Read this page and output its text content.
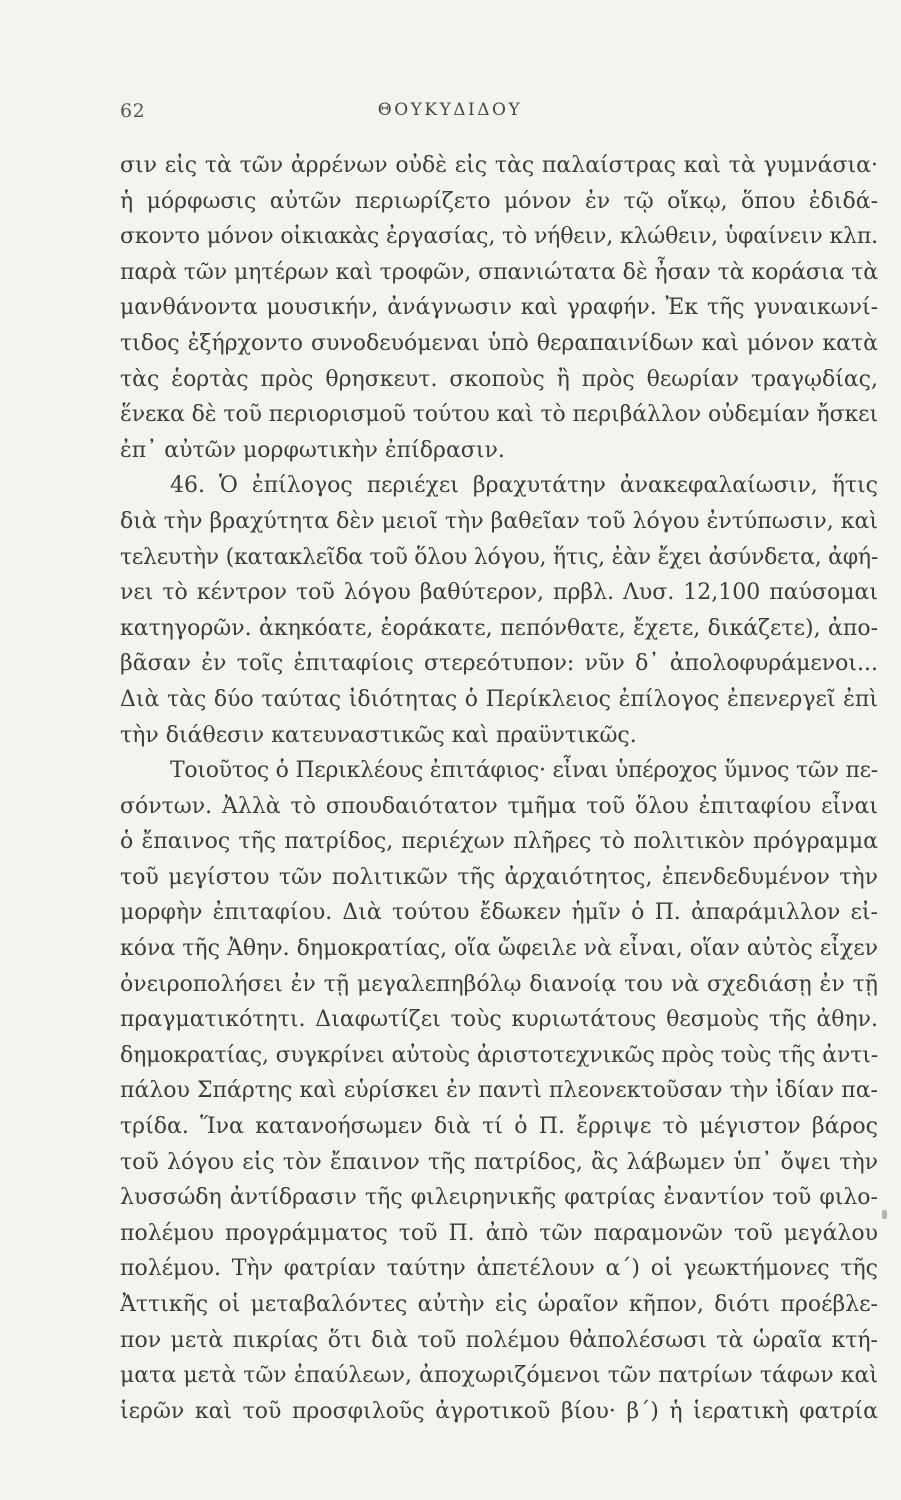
62	ΘΟΥΚΥΔΙΔΟΥ
σιν εἰς τὰ τῶν ἀρρένων οὐδὲ εἰς τὰς παλαίστρας καὶ τὰ γυμνάσια·
ἡ μόρφωσις αὐτῶν περιωρίζετο μόνον ἐν τῷ οἴκῳ, ὅπου ἐδιδά-
σκοντο μόνον οἰκιακὰς ἐργασίας, τὸ νήθειν, κλώθειν, ὑφαίνειν κλπ.
παρὰ τῶν μητέρων καὶ τροφῶν, σπανιώτατα δὲ ἦσαν τὰ κοράσια τὰ
μανθάνοντα μουσικήν, ἀνάγνωσιν καὶ γραφήν. Ἐκ τῆς γυναικωνί-
τιδος ἐξήρχοντο συνοδευόμεναι ὑπὸ θεραπαινίδων καὶ μόνον κατὰ
τὰς ἑορτὰς πρὸς θρησκευτ. σκοποὺς ἢ πρὸς θεωρίαν τραγῳδίας,
ἕνεκα δὲ τοῦ περιορισμοῦ τούτου καὶ τὸ περιβάλλον οὐδεμίαν ἤσκει
ἐπ᾽ αὐτῶν μορφωτικὴν ἐπίδρασιν.
46. Ὁ ἐπίλογος περιέχει βραχυτάτην ἀνακεφαλαίωσιν, ἥτις
διὰ τὴν βραχύτητα δὲν μειοῖ τὴν βαθεῖαν τοῦ λόγου ἐντύπωσιν, καὶ
τελευτὴν (κατακλεῖδα τοῦ ὅλου λόγου, ἥτις, ἐὰν ἔχει ἀσύνδετα, ἀφή-
νει τὸ κέντρον τοῦ λόγου βαθύτερον, πρβλ. Λυσ. 12,100 παύσομαι
κατηγορῶν. ἀκηκόατε, ἑοράκατε, πεπόνθατε, ἔχετε, δικάζετε), ἀπο-
βᾶσαν ἐν τοῖς ἐπιταφίοις στερεότυπον: νῦν δ᾽ ἀπολοφυράμενοι...
Διὰ τὰς δύο ταύτας ἰδιότητας ὁ Περίκλειος ἐπίλογος ἐπενεργεῖ ἐπὶ
τὴν διάθεσιν κατευναστικῶς καὶ πραϋντικῶς.
Τοιοῦτος ὁ Περικλέους ἐπιτάφιος· εἶναι ὑπέροχος ὕμνος τῶν πε-
σόντων. Ἀλλὰ τὸ σπουδαιότατον τμῆμα τοῦ ὅλου ἐπιταφίου εἶναι
ὁ ἔπαινος τῆς πατρίδος, περιέχων πλῆρες τὸ πολιτικὸν πρόγραμμα
τοῦ μεγίστου τῶν πολιτικῶν τῆς ἀρχαιότητος, ἐπενδεδυμένον τὴν
μορφὴν ἐπιταφίου. Διὰ τούτου ἔδωκεν ἡμῖν ὁ Π. ἀπαράμιλλον εἰ-
κόνα τῆς Ἀθην. δημοκρατίας, οἵα ὤφειλε νὰ εἶναι, οἵαν αὐτὸς εἶχεν
ὀνειροπολήσει ἐν τῇ μεγαλεπηβόλῳ διανοίᾳ του νὰ σχεδιάσῃ ἐν τῇ
πραγματικότητι. Διαφωτίζει τοὺς κυριωτάτους θεσμοὺς τῆς ἀθην.
δημοκρατίας, συγκρίνει αὐτοὺς ἀριστοτεχνικῶς πρὸς τοὺς τῆς ἀντι-
πάλου Σπάρτης καὶ εὑρίσκει ἐν παντὶ πλεονεκτοῦσαν τὴν ἰδίαν πα-
τρίδα. Ἵνα κατανοήσωμεν διὰ τί ὁ Π. ἔρριψε τὸ μέγιστον βάρος
τοῦ λόγου εἰς τὸν ἔπαινον τῆς πατρίδος, ἂς λάβωμεν ὑπ᾽ ὄψει τὴν
λυσσώδη ἀντίδρασιν τῆς φιλειρηνικῆς φατρίας ἐναντίον τοῦ φιλο-
πολέμου προγράμματος τοῦ Π. ἀπὸ τῶν παραμονῶν τοῦ μεγάλου
πολέμου. Τὴν φατρίαν ταύτην ἀπετέλουν α´) οἱ γεωκτήμονες τῆς
Ἀττικῆς οἱ μεταβαλόντες αὐτὴν εἰς ὡραῖον κῆπον, διότι προέβλε-
πον μετὰ πικρίας ὅτι διὰ τοῦ πολέμου θἀπολέσωσι τὰ ὡραῖα κτή-
ματα μετὰ τῶν ἐπαύλεων, ἀποχωριζόμενοι τῶν πατρίων τάφων καὶ
ἱερῶν καὶ τοῦ προσφιλοῦς ἀγροτικοῦ βίου· β´) ἡ ἱερατικὴ φατρία
